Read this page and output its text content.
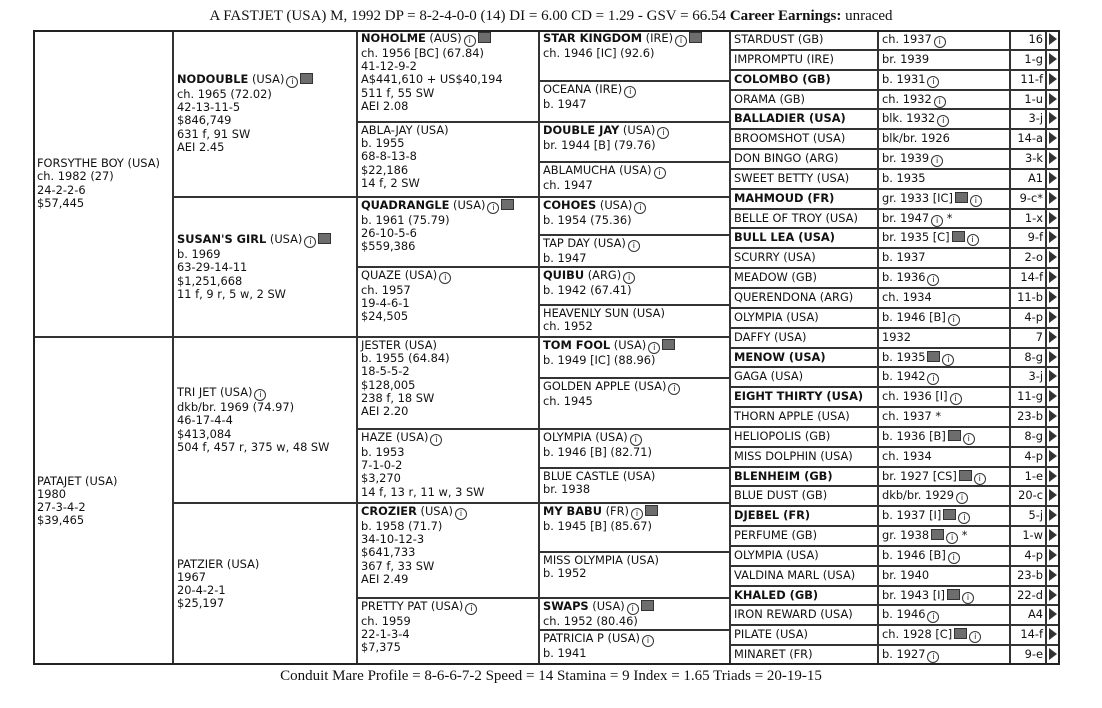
A FASTJET (USA) M, 1992 DP = 8-2-4-0-0 (14) DI = 6.00 CD = 1.29 - GSV = 66.54 Career Earnings: unraced
FORSYTHE BOY (USA)
ch. 1982 (27)
24-2-2-6
$57,445
PATAJET (USA)
1980
27-3-4-2
$39,465
NODOUBLE (USA)i
ch. 1965 (72.02)
42-13-11-5
$846,749
631 f, 91 SW
AEI 2.45
SUSAN'S GIRL (USA)i
b. 1969
63-29-14-11
$1,251,668
11 f, 9 r, 5 w, 2 SW
TRI JET (USA)i
dkb/br. 1969 (74.97)
46-17-4-4
$413,084
504 f, 457 r, 375 w, 48 SW
PATZIER (USA)
1967
20-4-2-1
$25,197
NOHOLME (AUS)i
ch. 1956 [BC] (67.84)
41-12-9-2
A$441,610 + US$40,194
511 f, 55 SW
AEI 2.08
ABLA-JAY (USA)
b. 1955
68-8-13-8
$22,186
14 f, 2 SW
QUADRANGLE (USA)i
b. 1961 (75.79)
26-10-5-6
$559,386
QUAZE (USA)i
ch. 1957
19-4-6-1
$24,505
JESTER (USA)
b. 1955 (64.84)
18-5-5-2
$128,005
238 f, 18 SW
AEI 2.20
HAZE (USA)i
b. 1953
7-1-0-2
$3,270
14 f, 13 r, 11 w, 3 SW
CROZIER (USA)i
b. 1958 (71.7)
34-10-12-3
$641,733
367 f, 33 SW
AEI 2.49
PRETTY PAT (USA)i
ch. 1959
22-1-3-4
$7,375
STAR KINGDOM (IRE)i
ch. 1946 [IC] (92.6)
OCEANA (IRE)i
b. 1947
DOUBLE JAY (USA)i
br. 1944 [B] (79.76)
ABLAMUCHA (USA)i
ch. 1947
COHOES (USA)i
b. 1954 (75.36)
TAP DAY (USA)i
b. 1947
QUIBU (ARG)i
b. 1942 (67.41)
HEAVENLY SUN (USA)
ch. 1952
TOM FOOL (USA)i
b. 1949 [IC] (88.96)
GOLDEN APPLE (USA)i
ch. 1945
OLYMPIA (USA)i
b. 1946 [B] (82.71)
BLUE CASTLE (USA)
br. 1938
MY BABU (FR)i
b. 1945 [B] (85.67)
MISS OLYMPIA (USA)
b. 1952
SWAPS (USA)i
ch. 1952 (80.46)
PATRICIA P (USA)i
b. 1941
STARDUST (GB)	ch. 1937 i	16
IMPROMPTU (IRE)	br. 1939	1-g
COLOMBO (GB)	b. 1931 i	11-f
ORAMA (GB)	ch. 1932 i	1-u
BALLADIER (USA)	blk. 1932 i	3-j
BROOMSHOT (USA)	blk/br. 1926	14-a
DON BINGO (ARG)	br. 1939 i	3-k
SWEET BETTY (USA)	b. 1935	A1
MAHMOUD (FR)	gr. 1933 [IC] i	9-c*
BELLE OF TROY (USA)	br. 1947i *	1-x
BULL LEA (USA)	br. 1935 [C] i	9-f
SCURRY (USA)	b. 1937	2-o
MEADOW (GB)	b. 1936 i	14-f
QUERENDONA (ARG)	ch. 1934	11-b
OLYMPIA (USA)	b. 1946 [B] i	4-p
DAFFY (USA)	1932	7
MENOW (USA)	b. 1935 i	8-g
GAGA (USA)	b. 1942 i	3-j
EIGHT THIRTY (USA)	ch. 1936 [I] i	11-g
THORN APPLE (USA)	ch. 1937 *	23-b
HELIOPOLIS (GB)	b. 1936 [B] i	8-g
MISS DOLPHIN (USA)	ch. 1934	4-p
BLENHEIM (GB)	br. 1927 [CS] i	1-e
BLUE DUST (GB)	dkb/br. 1929 i	20-c
DJEBEL (FR)	b. 1937 [I] i	5-j
PERFUME (GB)	gr. 1938 i	*	1-w
OLYMPIA (USA)	b. 1946 [B] i	4-p
VALDINA MARL (USA)	br. 1940	23-b
KHALED (GB)	br. 1943 [I] i	22-d
IRON REWARD (USA)	b. 1946 i	A4
PILATE (USA)	ch. 1928 [C] i	14-f
MINARET (FR)	b. 1927 i	9-e
Conduit Mare Profile = 8-6-6-7-2 Speed = 14 Stamina = 9 Index = 1.65 Triads = 20-19-15
